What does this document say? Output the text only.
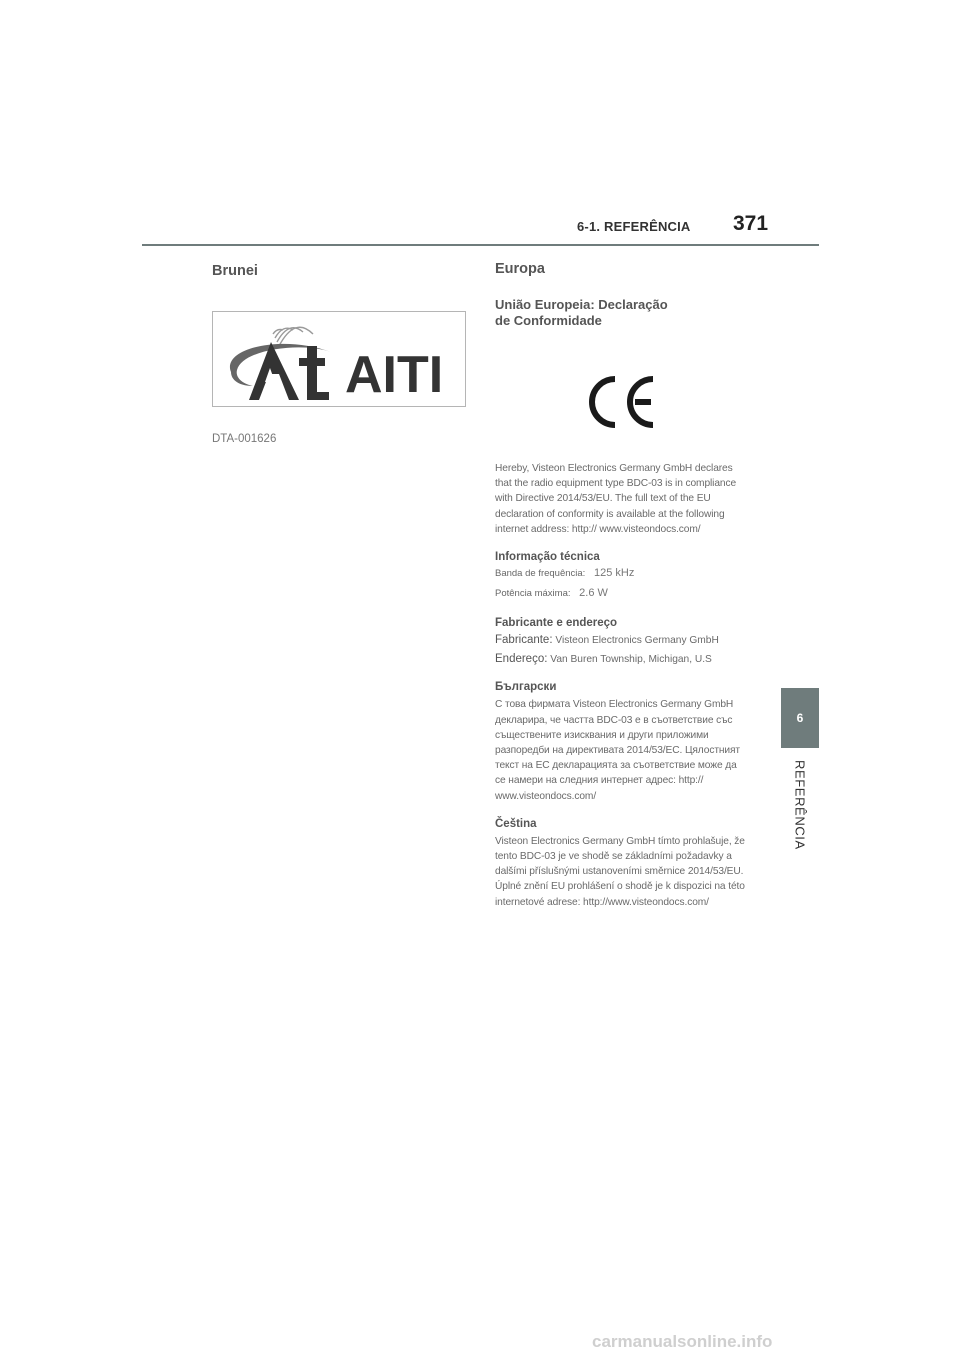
6-1. REFERÊNCIA 371
6
REFERÊNCIA
Brunei
AITI
DTA-001626
Europa
União Europeia: Declaração
de Conformidade

Hereby, Visteon Electronics Germany GmbH declares that the radio equipment type BDC-03 is in compliance with Directive 2014/53/EU. The full text of the EU declaration of conformity is available at the following internet address: http:// www.visteondocs.com/

Informação técnica
Banda de frequência: 125 kHz
Potência máxima: 2.6 W
Fabricante e endereço
Fabricante: Visteon Electronics Germany GmbH
Endereço: Van Buren Township, Michigan, U.S
Български

С това фирмата Visteon Electronics Germany GmbH декларира, че частта BDC-03 е в съответствие със съществените изисквания и други приложими разпоредби на директивата 2014/53/ЕС. Цялостният текст на ЕС декларацията за съответствие може да се намери на следния интернет адрес: http:// www.visteondocs.com/

Čeština

Visteon Electronics Germany GmbH tímto prohlašuje, že tento BDC-03 je ve shodě se základními požadavky a dalšími příslušnými ustanoveními směrnice 2014/53/EU. Úplné znění EU prohlášení o shodě je k dispozici na této internetové adrese: http://www.visteondocs.com/

carmanualsonline.info
